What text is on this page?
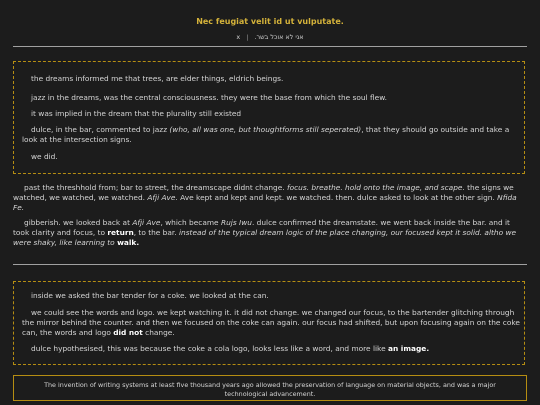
Nec feugiat velit id ut vulputate.
x | אני לא אוכל בשר.

the dreams informed me that trees, are elder things, eldrich beings.

jazz in the dreams, was the central consciousness. they were the base from which the soul flew.

it was implied in the dream that the plurality still existed

dulce, in the bar, commented to jazz (who, all was one, but thoughtforms still seperated), that they should go outside and take a look at the intersection signs.

we did.

past the threshhold from; bar to street, the dreamscape didnt change. focus. breathe. hold onto the image, and scape. the signs we watched, we watched, we watched. Afji Ave. Ave kept and kept and kept. we watched. then. dulce asked to look at the other sign. Nfida Fe.

gibberish. we looked back at Afji Ave, which became Rujs Iwu. dulce confirmed the dreamstate. we went back inside the bar. and it took clarity and focus, to return, to the bar. instead of the typical dream logic of the place changing, our focused kept it solid. altho we were shaky, like learning to walk.

inside we asked the bar tender for a coke. we looked at the can.

we could see the words and logo. we kept watching it. it did not change. we changed our focus, to the bartender glitching through the mirror behind the counter. and then we focused on the coke can again. our focus had shifted, but upon focusing again on the coke can, the words and logo did not change.

dulce hypothesised, this was because the coke a cola logo, looks less like a word, and more like an image.

The invention of writing systems at least five thousand years ago allowed the preservation of language on material objects, and was a major technological advancement.
